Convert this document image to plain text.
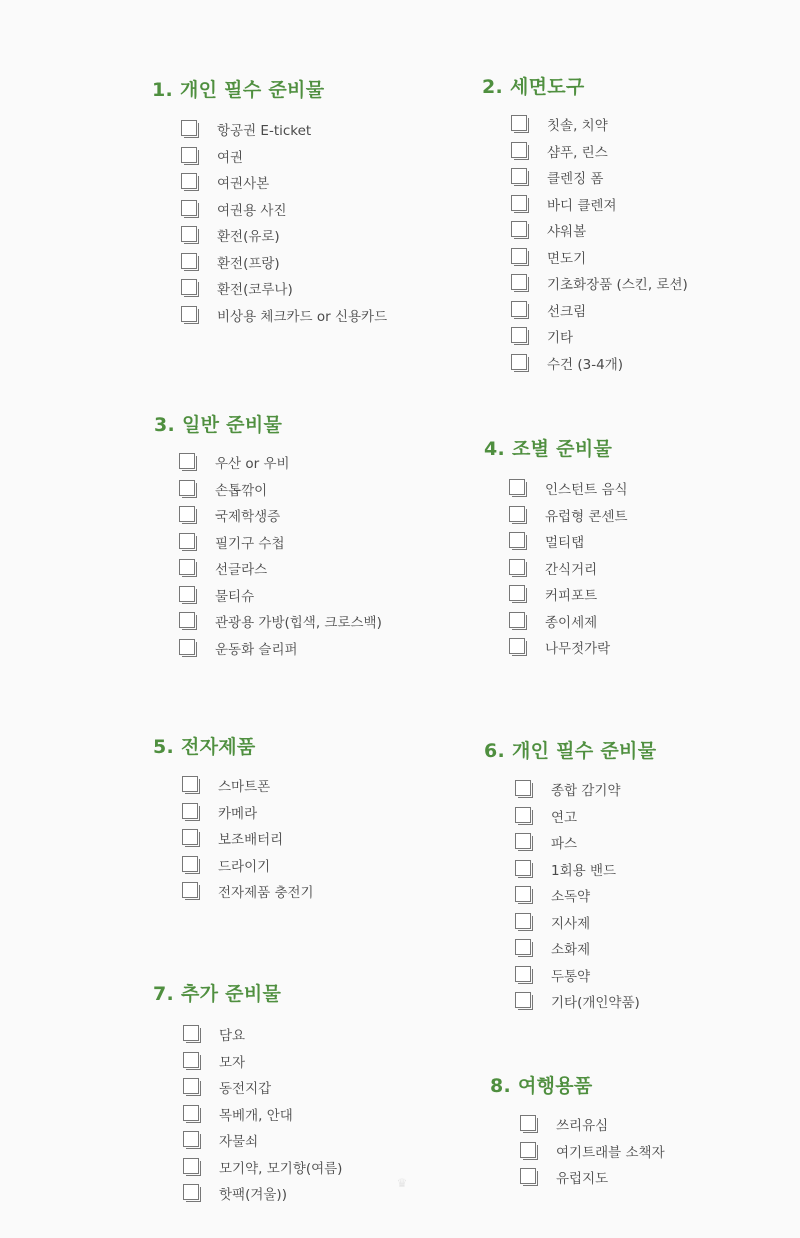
1. 개인 필수 준비물
항공권 E-ticket
여권
여권사본
여권용 사진
환전(유로)
환전(프랑)
환전(코루나)
비상용 체크카드 or 신용카드
2. 세면도구
칫솔, 치약
샴푸, 린스
클렌징 폼
바디 클렌져
샤워볼
면도기
기초화장품 (스킨, 로션)
선크림
기타
수건 (3-4개)
3. 일반 준비물
우산 or 우비
손톱깎이
국제학생증
필기구 수첩
선글라스
물티슈
관광용 가방(힙색, 크로스백)
운동화 슬리퍼
4. 조별 준비물
인스턴트 음식
유럽형 콘센트
멀티탭
간식거리
커피포트
종이세제
나무젓가락
5. 전자제품
스마트폰
카메라
보조배터리
드라이기
전자제품 충전기
6. 개인 필수 준비물
종합 감기약
연고
파스
1회용 밴드
소독약
지사제
소화제
두통약
기타(개인약품)
7. 추가 준비물
담요
모자
동전지갑
목베개, 안대
자물쇠
모기약, 모기향(여름)
핫팩(겨울))
8. 여행용품
쓰리유심
여기트래블 소책자
유럽지도
♛
